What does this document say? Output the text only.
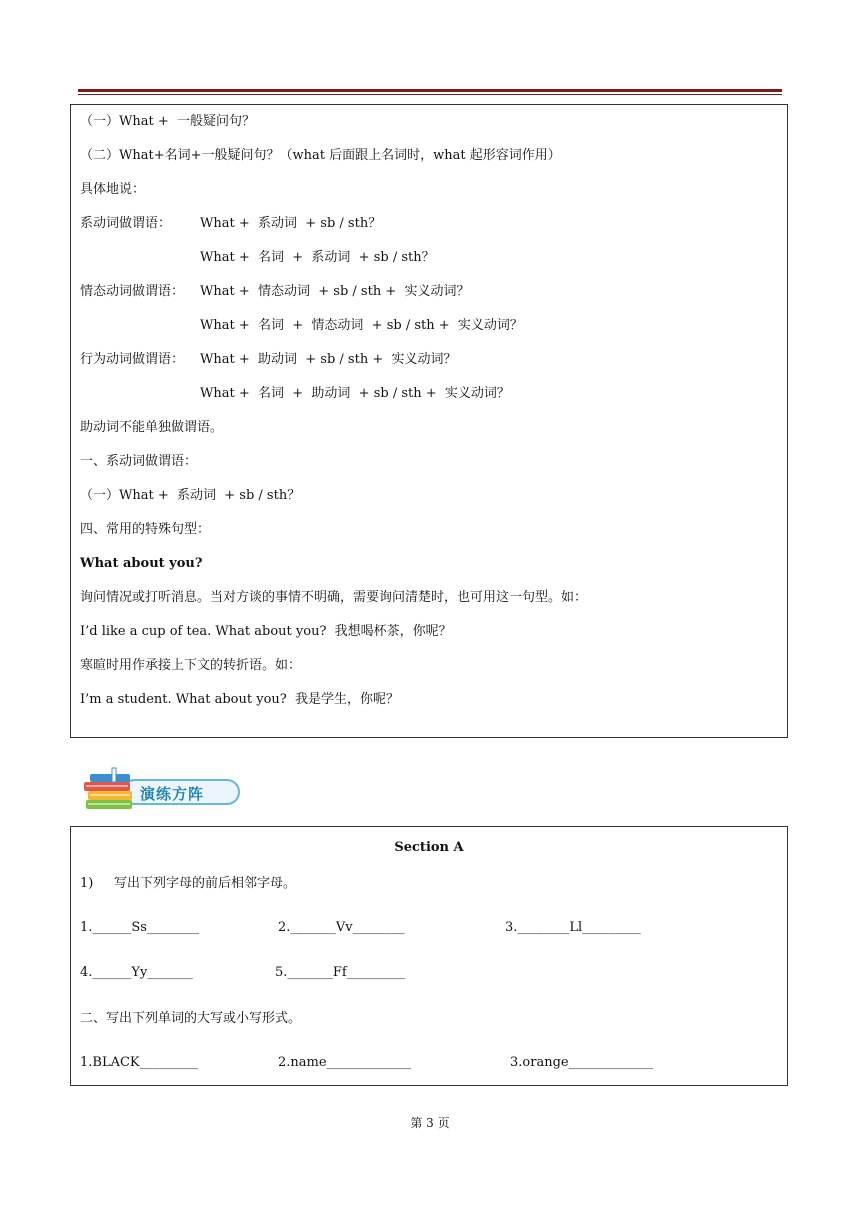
（一）What +  一般疑问句？
（二）What+名词+一般疑问句？（what 后面跟上名词时，what 起形容词作用）
具体地说：
系动词做谓语： What +  系动词  + sb / sth？
What +  名词  +  系动词  + sb / sth？
情态动词做谓语： What +  情态动词  + sb / sth +  实义动词？
What +  名词  +  情态动词  + sb / sth +  实义动词？
行为动词做谓语： What +  助动词  + sb / sth +  实义动词？
What +  名词  +  助动词  + sb / sth +  实义动词？
助动词不能单独做谓语。
一、系动词做谓语：
（一）What +  系动词  + sb / sth？
四、常用的特殊句型：
What about you?
询问情况或打听消息。当对方谈的事情不明确，需要询问清楚时，也可用这一句型。如：
I’d like a cup of tea. What about you?  我想喝杯茶，你呢？
寒暄时用作承接上下文的转折语。如：
I’m a student. What about you?  我是学生，你呢？
演练方阵
Section A
1)     写出下列字母的前后相邻字母。
1.______Ss________	2._______Vv________	3.________Ll_________
4.______Yy_______	5._______Ff_________
二、写出下列单词的大写或小写形式。
1.BLACK_________	2.name_____________	3.orange_____________
第 3 页
